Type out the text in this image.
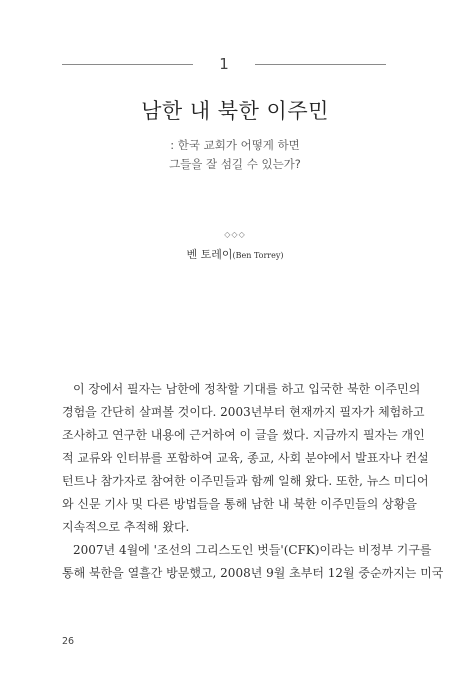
1
남한 내 북한 이주민
: 한국 교회가 어떻게 하면
그들을 잘 섬길 수 있는가?
◇◇◇
벤 토레이(Ben Torrey)
이 장에서 필자는 남한에 정착할 기대를 하고 입국한 북한 이주민의
경험을 간단히 살펴볼 것이다. 2003년부터 현재까지 필자가 체험하고
조사하고 연구한 내용에 근거하여 이 글을 썼다. 지금까지 필자는 개인
적 교류와 인터뷰를 포함하여 교육, 종교, 사회 분야에서 발표자나 컨설
턴트나 참가자로 참여한 이주민들과 함께 일해 왔다. 또한, 뉴스 미디어
와 신문 기사 및 다른 방법들을 통해 남한 내 북한 이주민들의 상황을
지속적으로 추적해 왔다.
2007년 4월에 '조선의 그리스도인 벗들'(CFK)이라는 비정부 기구를
통해 북한을 열흘간 방문했고, 2008년 9월 초부터 12월 중순까지는 미국
26
